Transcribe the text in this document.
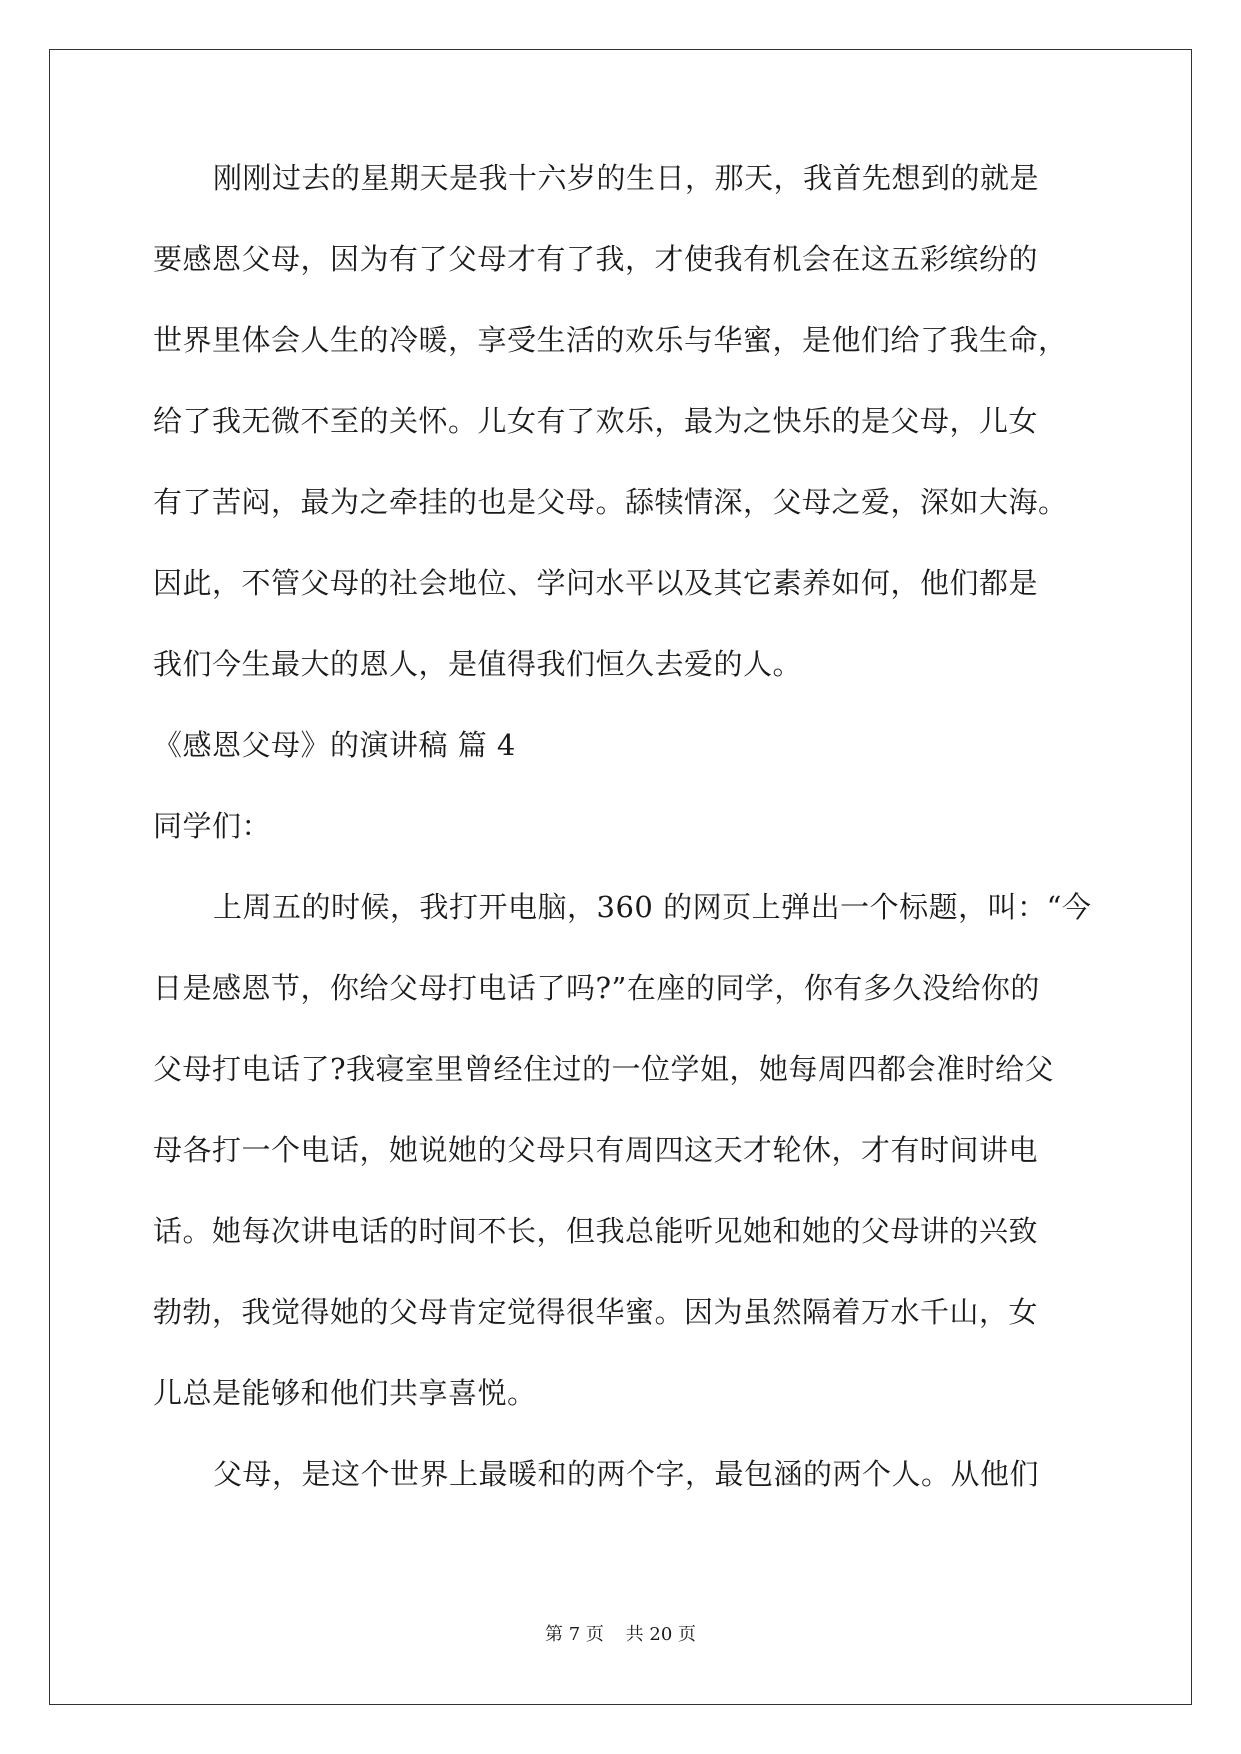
刚刚过去的星期天是我十六岁的生日，那天，我首先想到的就是
要感恩父母，因为有了父母才有了我，才使我有机会在这五彩缤纷的
世界里体会人生的冷暖，享受生活的欢乐与华蜜，是他们给了我生命，
给了我无微不至的关怀。儿女有了欢乐，最为之快乐的是父母，儿女
有了苦闷，最为之牵挂的也是父母。舔犊情深，父母之爱，深如大海。
因此，不管父母的社会地位、学问水平以及其它素养如何，他们都是
我们今生最大的恩人，是值得我们恒久去爱的人。
《感恩父母》的演讲稿 篇 4
同学们：
上周五的时候，我打开电脑，360 的网页上弹出一个标题，叫：“今
日是感恩节，你给父母打电话了吗?”在座的同学，你有多久没给你的
父母打电话了?我寝室里曾经住过的一位学姐，她每周四都会准时给父
母各打一个电话，她说她的父母只有周四这天才轮休，才有时间讲电
话。她每次讲电话的时间不长，但我总能听见她和她的父母讲的兴致
勃勃，我觉得她的父母肯定觉得很华蜜。因为虽然隔着万水千山，女
儿总是能够和他们共享喜悦。
父母，是这个世界上最暖和的两个字，最包涵的两个人。从他们
第 7 页 共 20 页
